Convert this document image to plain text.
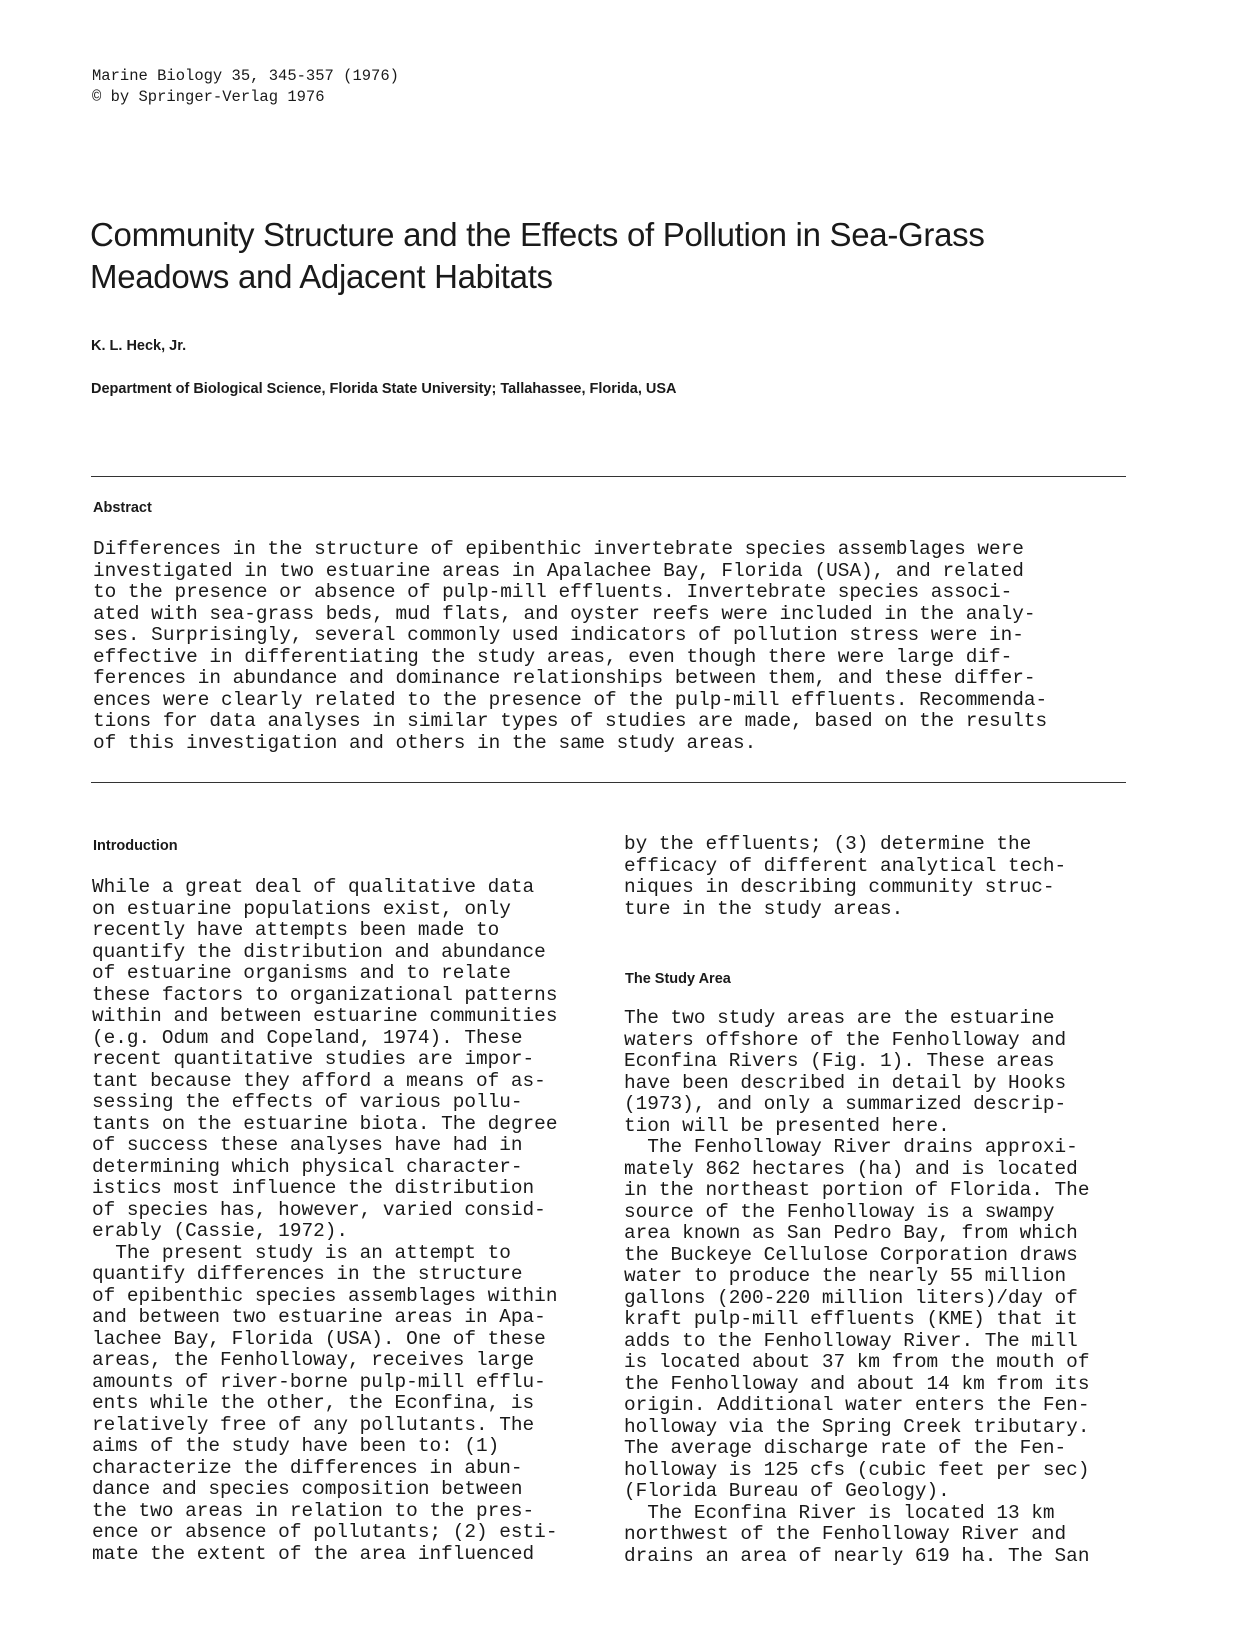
Marine Biology 35, 345-357 (1976)
© by Springer-Verlag 1976
Community Structure and the Effects of Pollution in Sea-Grass
Meadows and Adjacent Habitats
K. L. Heck, Jr.
Department of Biological Science, Florida State University; Tallahassee, Florida, USA
Abstract
Differences in the structure of epibenthic invertebrate species assemblages were
investigated in two estuarine areas in Apalachee Bay, Florida (USA), and related
to the presence or absence of pulp-mill effluents. Invertebrate species associ-
ated with sea-grass beds, mud flats, and oyster reefs were included in the analy-
ses. Surprisingly, several commonly used indicators of pollution stress were in-
effective in differentiating the study areas, even though there were large dif-
ferences in abundance and dominance relationships between them, and these differ-
ences were clearly related to the presence of the pulp-mill effluents. Recommenda-
tions for data analyses in similar types of studies are made, based on the results
of this investigation and others in the same study areas.
Introduction
While a great deal of qualitative data
on estuarine populations exist, only
recently have attempts been made to
quantify the distribution and abundance
of estuarine organisms and to relate
these factors to organizational patterns
within and between estuarine communities
(e.g. Odum and Copeland, 1974). These
recent quantitative studies are impor-
tant because they afford a means of as-
sessing the effects of various pollu-
tants on the estuarine biota. The degree
of success these analyses have had in
determining which physical character-
istics most influence the distribution
of species has, however, varied consid-
erably (Cassie, 1972).
The present study is an attempt to
quantify differences in the structure
of epibenthic species assemblages within
and between two estuarine areas in Apa-
lachee Bay, Florida (USA). One of these
areas, the Fenholloway, receives large
amounts of river-borne pulp-mill efflu-
ents while the other, the Econfina, is
relatively free of any pollutants. The
aims of the study have been to: (1)
characterize the differences in abun-
dance and species composition between
the two areas in relation to the pres-
ence or absence of pollutants; (2) esti-
mate the extent of the area influenced
by the effluents; (3) determine the
efficacy of different analytical tech-
niques in describing community struc-
ture in the study areas.
The Study Area
The two study areas are the estuarine
waters offshore of the Fenholloway and
Econfina Rivers (Fig. 1). These areas
have been described in detail by Hooks
(1973), and only a summarized descrip-
tion will be presented here.
The Fenholloway River drains approxi-
mately 862 hectares (ha) and is located
in the northeast portion of Florida. The
source of the Fenholloway is a swampy
area known as San Pedro Bay, from which
the Buckeye Cellulose Corporation draws
water to produce the nearly 55 million
gallons (200-220 million liters)/day of
kraft pulp-mill effluents (KME) that it
adds to the Fenholloway River. The mill
is located about 37 km from the mouth of
the Fenholloway and about 14 km from its
origin. Additional water enters the Fen-
holloway via the Spring Creek tributary.
The average discharge rate of the Fen-
holloway is 125 cfs (cubic feet per sec)
(Florida Bureau of Geology).
The Econfina River is located 13 km
northwest of the Fenholloway River and
drains an area of nearly 619 ha. The San
